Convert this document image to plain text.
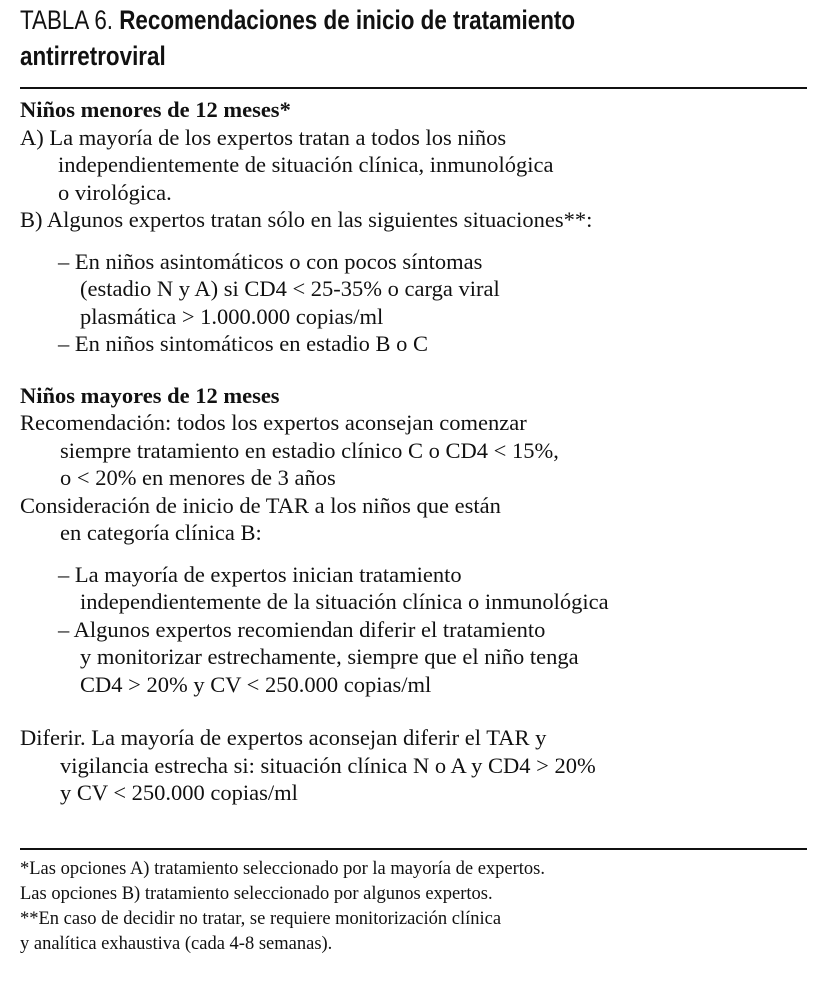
TABLA 6. Recomendaciones de inicio de tratamiento
antirretroviral
Niños menores de 12 meses*
A) La mayoría de los expertos tratan a todos los niños
independientemente de situación clínica, inmunológica
o virológica.
B) Algunos expertos tratan sólo en las siguientes situaciones**:
– En niños asintomáticos o con pocos síntomas
(estadio N y A) si CD4 < 25-35% o carga viral
plasmática > 1.000.000 copias/ml
– En niños sintomáticos en estadio B o C
Niños mayores de 12 meses
Recomendación: todos los expertos aconsejan comenzar
siempre tratamiento en estadio clínico C o CD4 < 15%,
o < 20% en menores de 3 años
Consideración de inicio de TAR a los niños que están
en categoría clínica B:
– La mayoría de expertos inician tratamiento
independientemente de la situación clínica o inmunológica
– Algunos expertos recomiendan diferir el tratamiento
y monitorizar estrechamente, siempre que el niño tenga
CD4 > 20% y CV < 250.000 copias/ml
Diferir. La mayoría de expertos aconsejan diferir el TAR y
vigilancia estrecha si: situación clínica N o A y CD4 > 20%
y CV < 250.000 copias/ml
*Las opciones A) tratamiento seleccionado por la mayoría de expertos.
Las opciones B) tratamiento seleccionado por algunos expertos.
**En caso de decidir no tratar, se requiere monitorización clínica
y analítica exhaustiva (cada 4-8 semanas).
